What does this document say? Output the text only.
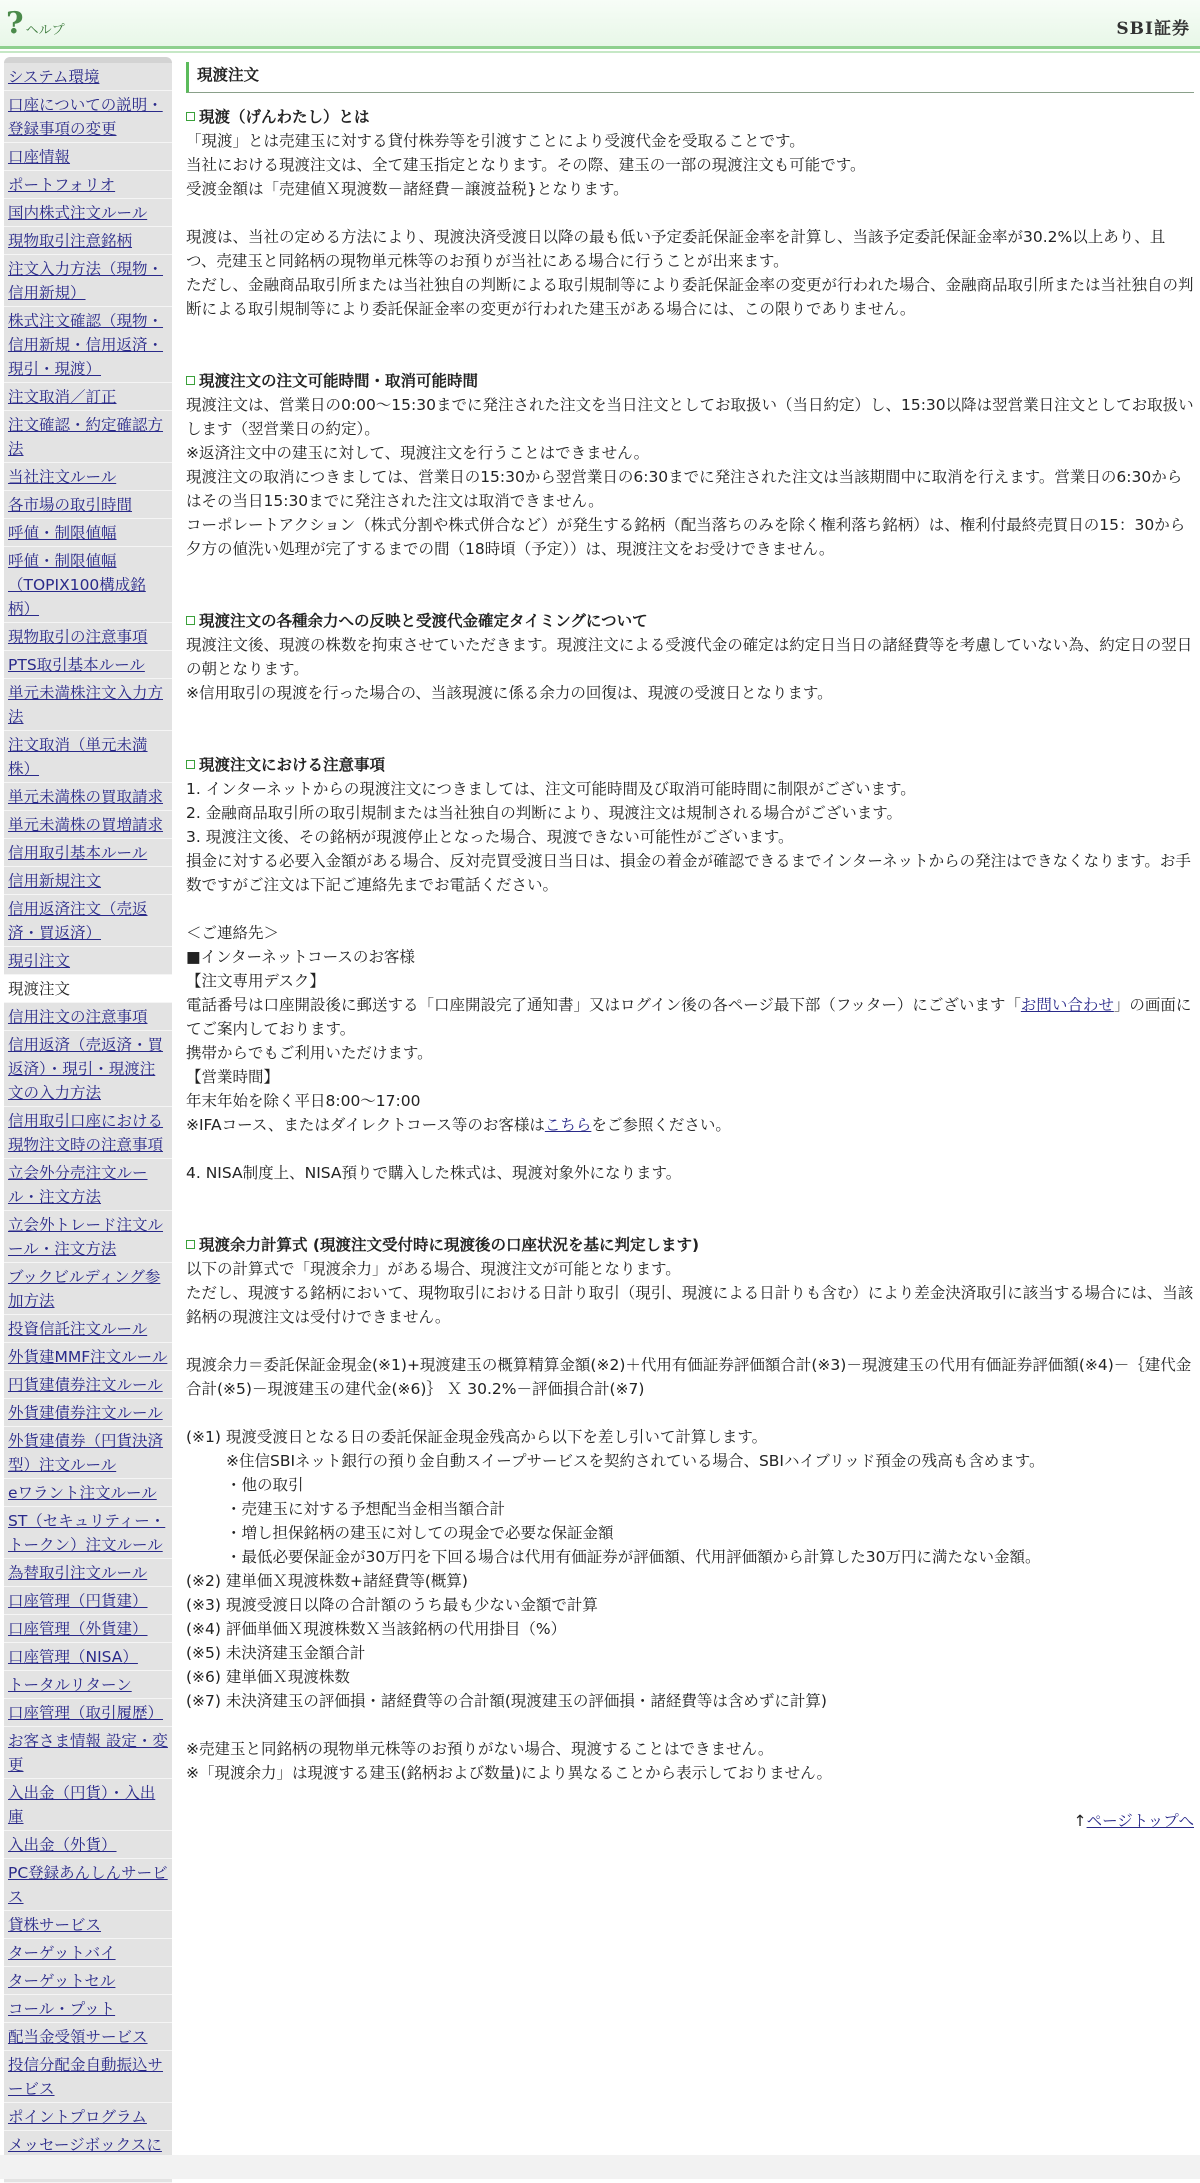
? ヘルプ	SBI証券
システム環境
口座についての説明・登録事項の変更
口座情報
ポートフォリオ
国内株式注文ルール
現物取引注意銘柄
注文入力方法（現物・信用新規）
株式注文確認（現物・信用新規・信用返済・現引・現渡）
注文取消／訂正
注文確認・約定確認方法
当社注文ルール
各市場の取引時間
呼値・制限値幅
呼値・制限値幅（TOPIX100構成銘柄）
現物取引の注意事項
PTS取引基本ルール
単元未満株注文入力方法
注文取消（単元未満株）
単元未満株の買取請求
単元未満株の買増請求
信用取引基本ルール
信用新規注文
信用返済注文（売返済・買返済）
現引注文
現渡注文
信用注文の注意事項
信用返済（売返済・買返済）・現引・現渡注文の入力方法
信用取引口座における現物注文時の注意事項
立会外分売注文ルール・注文方法
立会外トレード注文ルール・注文方法
ブックビルディング参加方法
投資信託注文ルール
外貨建MMF注文ルール
円貨建債券注文ルール
外貨建債券注文ルール
外貨建債券（円貨決済型）注文ルール
eワラント注文ルール
ST（セキュリティー・トークン）注文ルール
為替取引注文ルール
口座管理（円貨建）
口座管理（外貨建）
口座管理（NISA）
トータルリターン
口座管理（取引履歴）
お客さま情報 設定・変更
入出金（円貨）・入出庫
入出金（外貨）
PC登録あんしんサービス
貸株サービス
ターゲットバイ
ターゲットセル
コール・プット
配当金受領サービス
投信分配金自動振込サービス
ポイントプログラム
メッセージボックスに
現渡注文
現渡（げんわたし）とは

「現渡」とは売建玉に対する貸付株券等を引渡すことにより受渡代金を受取ることです。

当社における現渡注文は、全て建玉指定となります。その際、建玉の一部の現渡注文も可能です。

受渡金額は「売建値Ｘ現渡数－諸経費－譲渡益税}となります。

現渡は、当社の定める方法により、現渡決済受渡日以降の最も低い予定委託保証金率を計算し、当該予定委託保証金率が30.2%以上あり、且つ、売建玉と同銘柄の現物単元株等のお預りが当社にある場合に行うことが出来ます。

ただし、金融商品取引所または当社独自の判断による取引規制等により委託保証金率の変更が行われた場合、金融商品取引所または当社独自の判断による取引規制等により委託保証金率の変更が行われた建玉がある場合には、この限りでありません。

現渡注文の注文可能時間・取消可能時間

現渡注文は、営業日の0:00～15:30までに発注された注文を当日注文としてお取扱い（当日約定）し、15:30以降は翌営業日注文としてお取扱いします（翌営業日の約定）。

※返済注文中の建玉に対して、現渡注文を行うことはできません。

現渡注文の取消につきましては、営業日の15:30から翌営業日の6:30までに発注された注文は当該期間中に取消を行えます。営業日の6:30からはその当日15:30までに発注された注文は取消できません。

コーポレートアクション（株式分割や株式併合など）が発生する銘柄（配当落ちのみを除く権利落ち銘柄）は、権利付最終売買日の15：30から夕方の値洗い処理が完了するまでの間（18時頃（予定））は、現渡注文をお受けできません。

現渡注文の各種余力への反映と受渡代金確定タイミングについて

現渡注文後、現渡の株数を拘束させていただきます。現渡注文による受渡代金の確定は約定日当日の諸経費等を考慮していない為、約定日の翌日の朝となります。

※信用取引の現渡を行った場合の、当該現渡に係る余力の回復は、現渡の受渡日となります。

現渡注文における注意事項

1. インターネットからの現渡注文につきましては、注文可能時間及び取消可能時間に制限がございます。

2. 金融商品取引所の取引規制または当社独自の判断により、現渡注文は規制される場合がございます。

3. 現渡注文後、その銘柄が現渡停止となった場合、現渡できない可能性がございます。

損金に対する必要入金額がある場合、反対売買受渡日当日は、損金の着金が確認できるまでインターネットからの発注はできなくなります。お手数ですがご注文は下記ご連絡先までお電話ください。

＜ご連絡先＞

■インターネットコースのお客様

【注文専用デスク】

電話番号は口座開設後に郵送する「口座開設完了通知書」又はログイン後の各ページ最下部（フッター）にございます「お問い合わせ」の画面にてご案内しております。

携帯からでもご利用いただけます。

【営業時間】

年末年始を除く平日8:00～17:00

※IFAコース、またはダイレクトコース等のお客様はこちらをご参照ください。

4. NISA制度上、NISA預りで購入した株式は、現渡対象外になります。

現渡余力計算式 (現渡注文受付時に現渡後の口座状況を基に判定します)

以下の計算式で「現渡余力」がある場合、現渡注文が可能となります。

ただし、現渡する銘柄において、現物取引における日計り取引（現引、現渡による日計りも含む）により差金決済取引に該当する場合には、当該銘柄の現渡注文は受付けできません。

現渡余力＝委託保証金現金(※1)+現渡建玉の概算精算金額(※2)＋代用有価証券評価額合計(※3)－現渡建玉の代用有価証券評価額(※4)－｛建代金合計(※5)－現渡建玉の建代金(※6)｝ Ｘ 30.2%－評価損合計(※7)

(※1) 現渡受渡日となる日の委託保証金現金残高から以下を差し引いて計算します。

※住信SBIネット銀行の預り金自動スイープサービスを契約されている場合、SBIハイブリッド預金の残高も含めます。

・他の取引

・売建玉に対する予想配当金相当額合計

・増し担保銘柄の建玉に対しての現金で必要な保証金額

・最低必要保証金が30万円を下回る場合は代用有価証券が評価額、代用評価額から計算した30万円に満たない金額。

(※2) 建単価Ｘ現渡株数+諸経費等(概算)

(※3) 現渡受渡日以降の合計額のうち最も少ない金額で計算

(※4) 評価単価Ｘ現渡株数Ｘ当該銘柄の代用掛目（%）

(※5) 未決済建玉金額合計

(※6) 建単価Ｘ現渡株数

(※7) 未決済建玉の評価損・諸経費等の合計額(現渡建玉の評価損・諸経費等は含めずに計算)

※売建玉と同銘柄の現物単元株等のお預りがない場合、現渡することはできません。

※「現渡余力」は現渡する建玉(銘柄および数量)により異なることから表示しておりません。

↑ページトップへ
